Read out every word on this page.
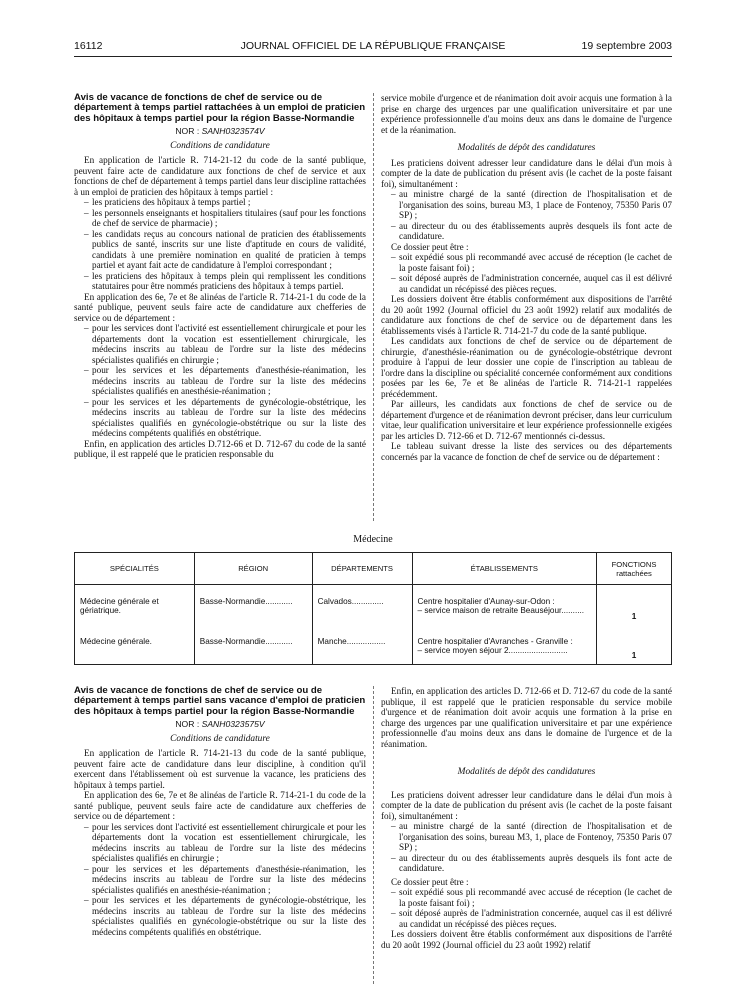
16112	JOURNAL OFFICIEL DE LA RÉPUBLIQUE FRANÇAISE	19 septembre 2003
Avis de vacance de fonctions de chef de service ou de département à temps partiel rattachées à un emploi de praticien des hôpitaux à temps partiel pour la région Basse-Normandie
NOR : SANH0323574V
Conditions de candidature

En application de l'article R. 714-21-12 du code de la santé publique, peuvent faire acte de candidature aux fonctions de chef de service et aux fonctions de chef de département à temps partiel dans leur discipline rattachées à un emploi de praticien des hôpitaux à temps partiel :

– les praticiens des hôpitaux à temps partiel ;
– les personnels enseignants et hospitaliers titulaires (sauf pour les fonctions de chef de service de pharmacie) ;
– les candidats reçus au concours national de praticien des établissements publics de santé, inscrits sur une liste d'aptitude en cours de validité, candidats à une première nomination en qualité de praticien à temps partiel et ayant fait acte de candidature à l'emploi correspondant ;
– les praticiens des hôpitaux à temps plein qui remplissent les conditions statutaires pour être nommés praticiens des hôpitaux à temps partiel.

En application des 6e, 7e et 8e alinéas de l'article R. 714-21-1 du code de la santé publique, peuvent seuls faire acte de candidature aux chefferies de service ou de département :

– pour les services dont l'activité est essentiellement chirurgicale et pour les départements dont la vocation est essentiellement chirurgicale, les médecins inscrits au tableau de l'ordre sur la liste des médecins spécialistes qualifiés en chirurgie ;
– pour les services et les départements d'anesthésie-réanimation, les médecins inscrits au tableau de l'ordre sur la liste des médecins spécialistes qualifiés en anesthésie-réanimation ;
– pour les services et les départements de gynécologie-obstétrique, les médecins inscrits au tableau de l'ordre sur la liste des médecins spécialistes qualifiés en gynécologie-obstétrique ou sur la liste des médecins compétents qualifiés en obstétrique.

Enfin, en application des articles D.712-66 et D. 712-67 du code de la santé publique, il est rappelé que le praticien responsable du

service mobile d'urgence et de réanimation doit avoir acquis une formation à la prise en charge des urgences par une qualification universitaire et par une expérience professionnelle d'au moins deux ans dans le domaine de l'urgence et de la réanimation.

Modalités de dépôt des candidatures

Les praticiens doivent adresser leur candidature dans le délai d'un mois à compter de la date de publication du présent avis (le cachet de la poste faisant foi), simultanément :

– au ministre chargé de la santé (direction de l'hospitalisation et de l'organisation des soins, bureau M3, 1 place de Fontenoy, 75350 Paris 07 SP) ;
– au directeur du ou des établissements auprès desquels ils font acte de candidature.

Ce dossier peut être :

– soit expédié sous pli recommandé avec accusé de réception (le cachet de la poste faisant foi) ;
– soit déposé auprès de l'administration concernée, auquel cas il est délivré au candidat un récépissé des pièces reçues.

Les dossiers doivent être établis conformément aux dispositions de l'arrêté du 20 août 1992 (Journal officiel du 23 août 1992) relatif aux modalités de candidature aux fonctions de chef de service ou de département dans les établissements visés à l'article R. 714-21-7 du code de la santé publique.

Les candidats aux fonctions de chef de service ou de département de chirurgie, d'anesthésie-réanimation ou de gynécologie-obstétrique devront produire à l'appui de leur dossier une copie de l'inscription au tableau de l'ordre dans la discipline ou spécialité concernée conformément aux conditions posées par les 6e, 7e et 8e alinéas de l'article R. 714-21-1 rappelées précédemment.

Par ailleurs, les candidats aux fonctions de chef de service ou de département d'urgence et de réanimation devront préciser, dans leur curriculum vitae, leur qualification universitaire et leur expérience professionnelle exigées par les articles D. 712-66 et D. 712-67 mentionnés ci-dessus.

Le tableau suivant dresse la liste des services ou des départements concernés par la vacance de fonction de chef de service ou de département :

Médecine
SPÉCIALITÉS	RÉGION	DÉPARTEMENTS	ÉTABLISSEMENTS	FONCTIONS
rattachées

Médecine générale et gériatrique.	Basse-Normandie............	Calvados..............	Centre hospitalier d'Aunay-sur-Odon :
– service maison de retraite Beauséjour..........	1
Médecine générale.	Basse-Normandie............	Manche.................	Centre hospitalier d'Avranches - Granville :
– service moyen séjour 2..........................	1
Avis de vacance de fonctions de chef de service ou de département à temps partiel sans vacance d'emploi de praticien des hôpitaux à temps partiel pour la région Basse-Normandie
NOR : SANH0323575V
Conditions de candidature

En application de l'article R. 714-21-13 du code de la santé publique, peuvent faire acte de candidature dans leur discipline, à condition qu'il exercent dans l'établissement où est survenue la vacance, les praticiens des hôpitaux à temps partiel.

En application des 6e, 7e et 8e alinéas de l'article R. 714-21-1 du code de la santé publique, peuvent seuls faire acte de candidature aux chefferies de service ou de département :

– pour les services dont l'activité est essentiellement chirurgicale et pour les départements dont la vocation est essentiellement chirurgicale, les médecins inscrits au tableau de l'ordre sur la liste des médecins spécialistes qualifiés en chirurgie ;
– pour les services et les départements d'anesthésie-réanimation, les médecins inscrits au tableau de l'ordre sur la liste des médecins spécialistes qualifiés en anesthésie-réanimation ;
– pour les services et les départements de gynécologie-obstétrique, les médecins inscrits au tableau de l'ordre sur la liste des médecins spécialistes qualifiés en gynécologie-obstétrique ou sur la liste des médecins compétents qualifiés en obstétrique.

Enfin, en application des articles D. 712-66 et D. 712-67 du code de la santé publique, il est rappelé que le praticien responsable du service mobile d'urgence et de réanimation doit avoir acquis une formation à la prise en charge des urgences par une qualification universitaire et par une expérience professionnelle d'au moins deux ans dans le domaine de l'urgence et de la réanimation.

Modalités de dépôt des candidatures

Les praticiens doivent adresser leur candidature dans le délai d'un mois à compter de la date de publication du présent avis (le cachet de la poste faisant foi), simultanément :

– au ministre chargé de la santé (direction de l'hospitalisation et de l'organisation des soins, bureau M3, 1, place de Fontenoy, 75350 Paris 07 SP) ;
– au directeur du ou des établissements auprès desquels ils font acte de candidature.

Ce dossier peut être :

– soit expédié sous pli recommandé avec accusé de réception (le cachet de la poste faisant foi) ;
– soit déposé auprès de l'administration concernée, auquel cas il est délivré au candidat un récépissé des pièces reçues.

Les dossiers doivent être établis conformément aux dispositions de l'arrêté du 20 août 1992 (Journal officiel du 23 août 1992) relatif
